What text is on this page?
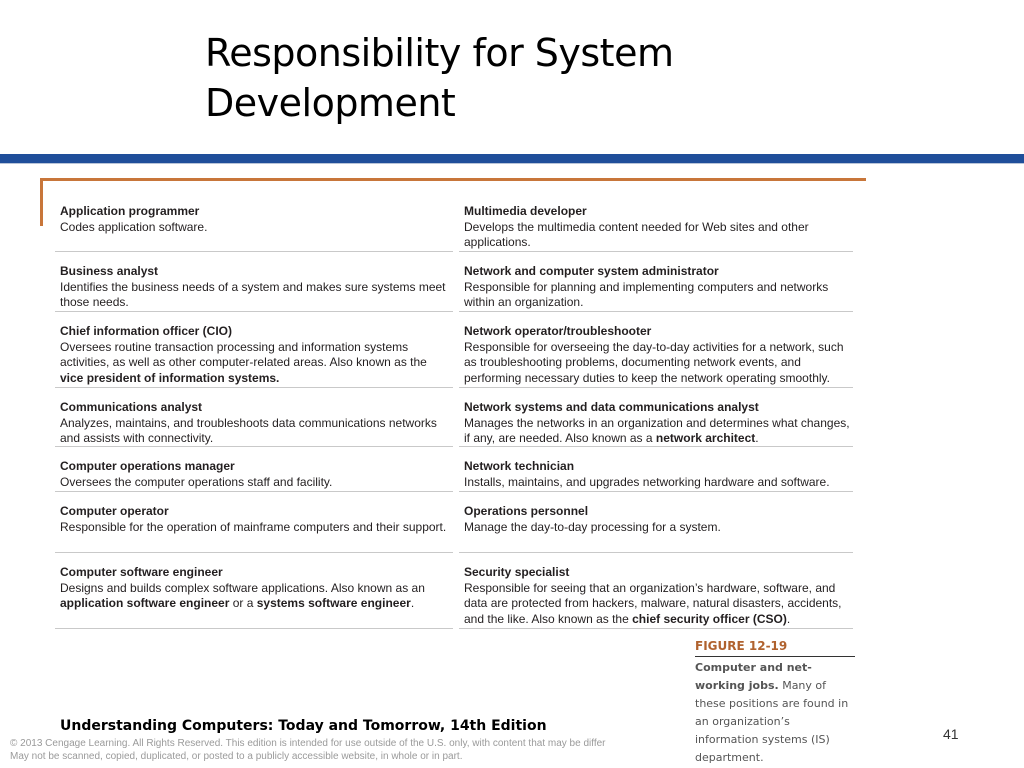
Responsibility for System Development
Application programmer
Codes application software.
Business analyst
Identifies the business needs of a system and makes sure systems meet those needs.
Chief information officer (CIO)
Oversees routine transaction processing and information systems activities, as well as other computer-related areas. Also known as the vice president of information systems.
Communications analyst
Analyzes, maintains, and troubleshoots data communications networks and assists with connectivity.
Computer operations manager
Oversees the computer operations staff and facility.
Computer operator
Responsible for the operation of mainframe computers and their support.
Computer software engineer
Designs and builds complex software applications. Also known as an application software engineer or a systems software engineer.
Multimedia developer
Develops the multimedia content needed for Web sites and other applications.
Network and computer system administrator
Responsible for planning and implementing computers and networks within an organization.
Network operator/troubleshooter
Responsible for overseeing the day-to-day activities for a network, such as troubleshooting problems, documenting network events, and performing necessary duties to keep the network operating smoothly.
Network systems and data communications analyst
Manages the networks in an organization and determines what changes, if any, are needed. Also known as a network architect.
Network technician
Installs, maintains, and upgrades networking hardware and software.
Operations personnel
Manage the day-to-day processing for a system.
Security specialist
Responsible for seeing that an organization’s hardware, software, and data are protected from hackers, malware, natural disasters, accidents, and the like. Also known as the chief security officer (CSO).
FIGURE 12-19
Computer and net-working jobs. Many of these positions are found in an organization’s information systems (IS) department.
Understanding Computers: Today and Tomorrow, 14th Edition
© 2013 Cengage Learning. All Rights Reserved. This edition is intended for use outside of the U.S. only, with content that may be differ
May not be scanned, copied, duplicated, or posted to a publicly accessible website, in whole or in part.
41
